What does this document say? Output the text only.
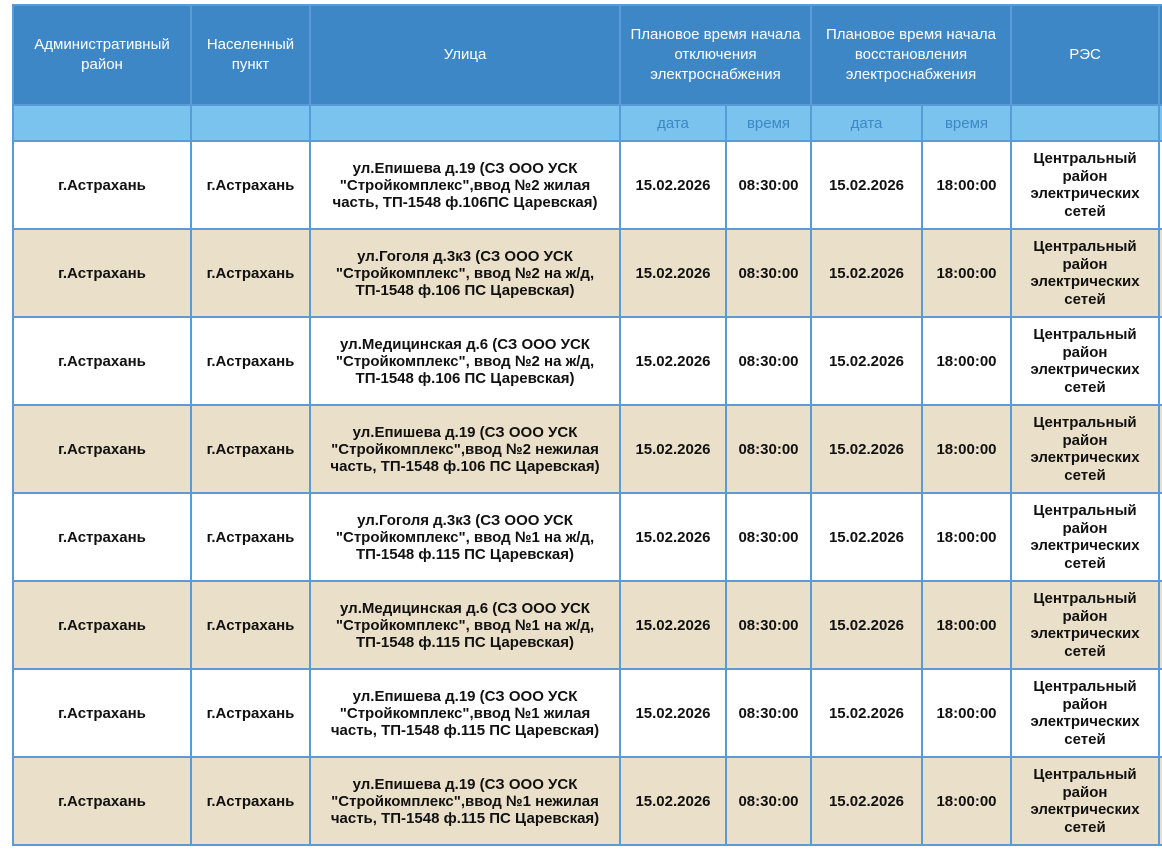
Административный район	Населенный пункт	Улица	Плановое время начала отключения электроснабжения		Плановое время начала восстановления электроснабжения		РЭС	
			дата	время	дата	время		
г.Астрахань	г.Астрахань	ул.Епишева д.19 (СЗ ООО УСК "Стройкомплекс",ввод №2 жилая часть, ТП-1548 ф.106ПС Царевская)	15.02.2026	08:30:00	15.02.2026	18:00:00	Центральный район электрических сетей	
г.Астрахань	г.Астрахань	ул.Гоголя д.3к3 (СЗ ООО УСК "Стройкомплекс", ввод №2 на ж/д, ТП-1548 ф.106 ПС Царевская)	15.02.2026	08:30:00	15.02.2026	18:00:00	Центральный район электрических сетей	
г.Астрахань	г.Астрахань	ул.Медицинская д.6 (СЗ ООО УСК "Стройкомплекс", ввод №2 на ж/д, ТП-1548 ф.106 ПС Царевская)	15.02.2026	08:30:00	15.02.2026	18:00:00	Центральный район электрических сетей	
г.Астрахань	г.Астрахань	ул.Епишева д.19 (СЗ ООО УСК "Стройкомплекс",ввод №2 нежилая часть, ТП-1548 ф.106 ПС Царевская)	15.02.2026	08:30:00	15.02.2026	18:00:00	Центральный район электрических сетей	
г.Астрахань	г.Астрахань	ул.Гоголя д.3к3 (СЗ ООО УСК "Стройкомплекс", ввод №1 на ж/д, ТП-1548 ф.115 ПС Царевская)	15.02.2026	08:30:00	15.02.2026	18:00:00	Центральный район электрических сетей	
г.Астрахань	г.Астрахань	ул.Медицинская д.6 (СЗ ООО УСК "Стройкомплекс", ввод №1 на ж/д, ТП-1548 ф.115 ПС Царевская)	15.02.2026	08:30:00	15.02.2026	18:00:00	Центральный район электрических сетей	
г.Астрахань	г.Астрахань	ул.Епишева д.19 (СЗ ООО УСК "Стройкомплекс",ввод №1 жилая часть, ТП-1548 ф.115 ПС Царевская)	15.02.2026	08:30:00	15.02.2026	18:00:00	Центральный район электрических сетей	
г.Астрахань	г.Астрахань	ул.Епишева д.19 (СЗ ООО УСК "Стройкомплекс",ввод №1 нежилая часть, ТП-1548 ф.115 ПС Царевская)	15.02.2026	08:30:00	15.02.2026	18:00:00	Центральный район электрических сетей	
